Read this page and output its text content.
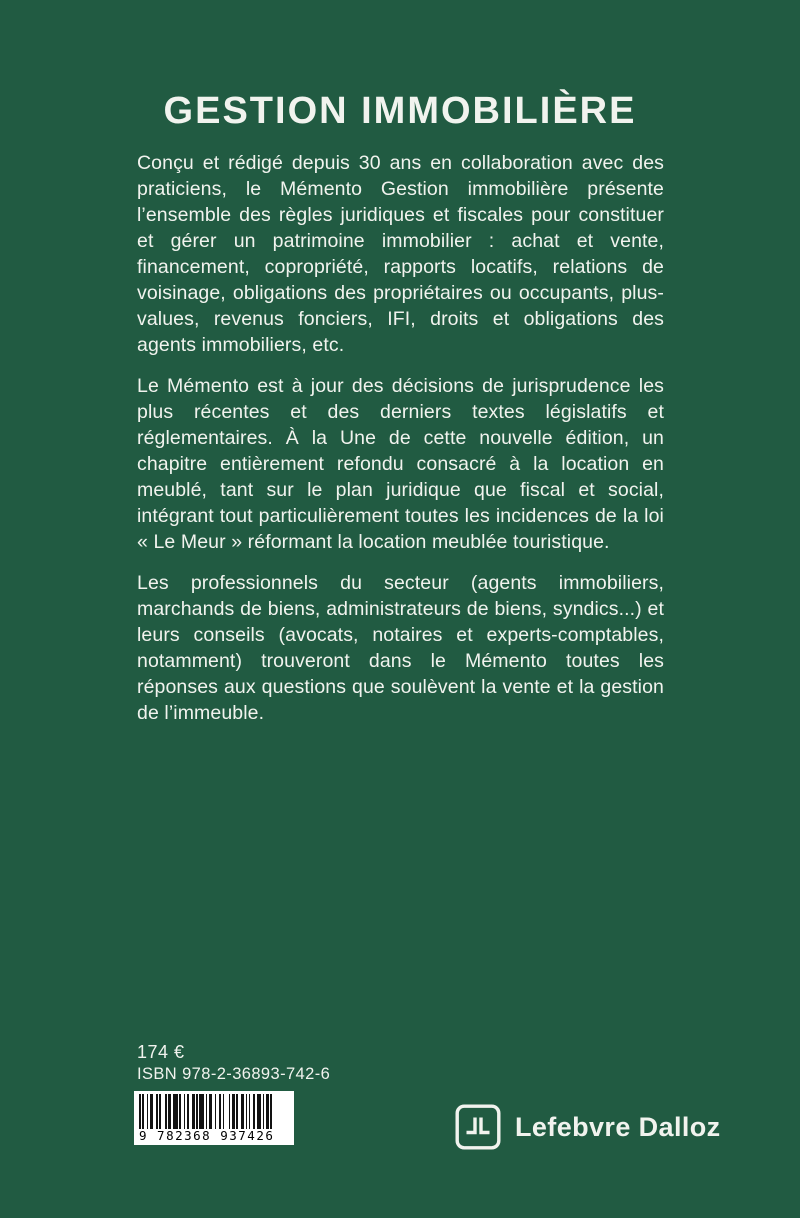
GESTION IMMOBILIÈRE

Conçu et rédigé depuis 30 ans en collaboration avec des praticiens, le Mémento Gestion immobilière présente l’ensemble des règles juridiques et fiscales pour constituer et gérer un patrimoine immobilier : achat et vente, financement, copropriété, rapports locatifs, relations de voisinage, obligations des propriétaires ou occupants, plus-values, revenus fonciers, IFI, droits et obligations des agents immobiliers, etc.

Le Mémento est à jour des décisions de jurisprudence les plus récentes et des derniers textes législatifs et réglementaires. À la Une de cette nouvelle édition, un chapitre entièrement refondu consacré à la location en meublé, tant sur le plan juridique que fiscal et social, intégrant tout particulièrement toutes les incidences de la loi « Le Meur » réformant la location meublée touristique.

Les professionnels du secteur (agents immobiliers, marchands de biens, administrateurs de biens, syndics...) et leurs conseils (avocats, notaires et experts-comptables, notamment) trouveront dans le Mémento toutes les réponses aux questions que soulèvent la vente et la gestion de l’immeuble.

174 €
ISBN 978-2-36893-742-6
9 782368 937426	Lefebvre Dalloz
